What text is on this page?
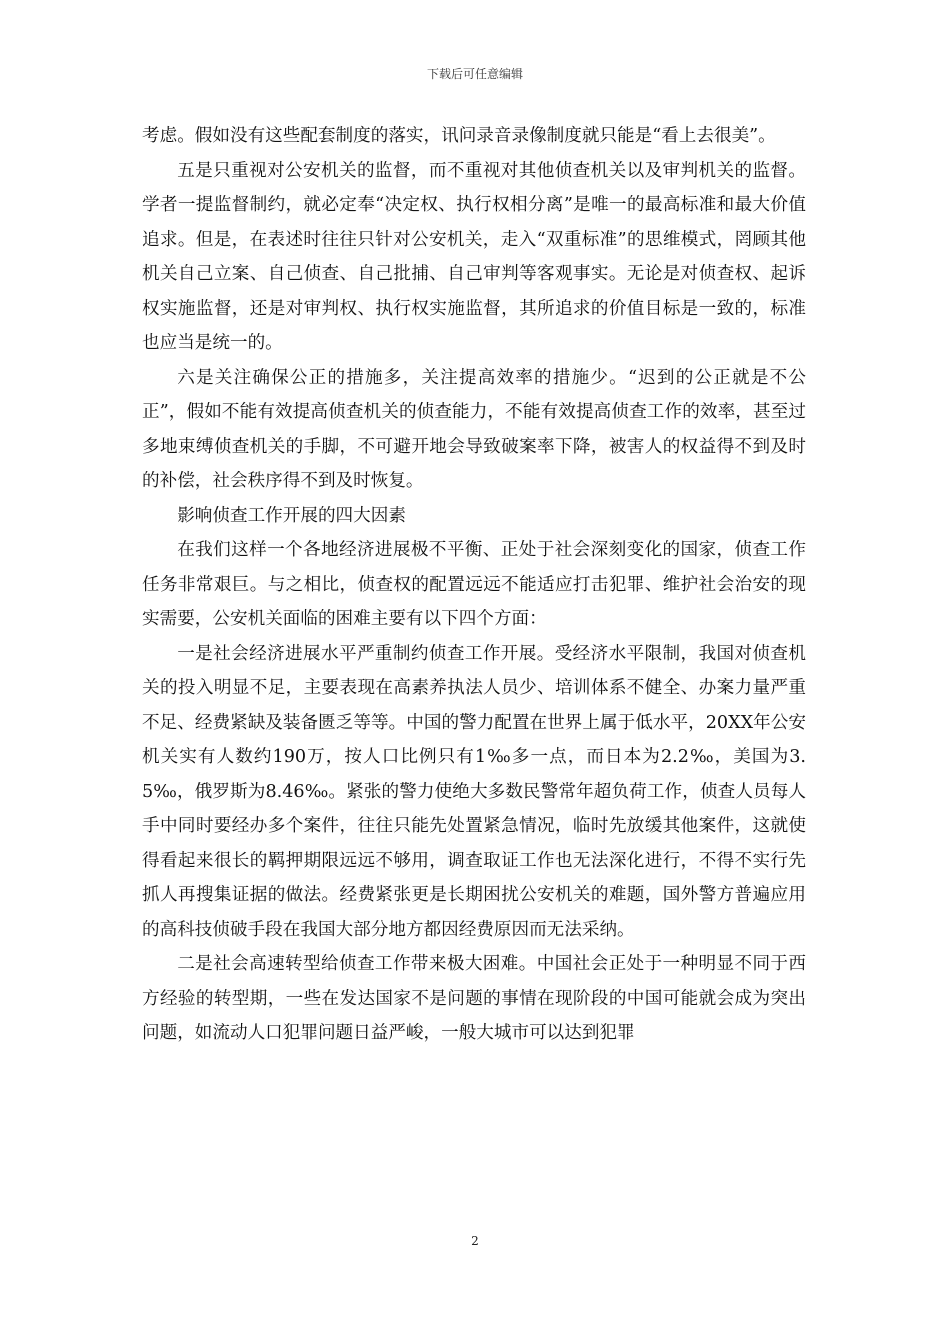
下载后可任意编辑

考虑。假如没有这些配套制度的落实，讯问录音录像制度就只能是“看上去很美”。

五是只重视对公安机关的监督，而不重视对其他侦查机关以及审判机关的监督。学者一提监督制约，就必定奉“决定权、执行权相分离”是唯一的最高标准和最大价值追求。但是，在表述时往往只针对公安机关，走入“双重标准”的思维模式，罔顾其他机关自己立案、自己侦查、自己批捕、自己审判等客观事实。无论是对侦查权、起诉权实施监督，还是对审判权、执行权实施监督，其所追求的价值目标是一致的，标准也应当是统一的。

六是关注确保公正的措施多，关注提高效率的措施少。“迟到的公正就是不公正”，假如不能有效提高侦查机关的侦查能力，不能有效提高侦查工作的效率，甚至过多地束缚侦查机关的手脚，不可避开地会导致破案率下降，被害人的权益得不到及时的补偿，社会秩序得不到及时恢复。

影响侦查工作开展的四大因素

在我们这样一个各地经济进展极不平衡、正处于社会深刻变化的国家，侦查工作任务非常艰巨。与之相比，侦查权的配置远远不能适应打击犯罪、维护社会治安的现实需要，公安机关面临的困难主要有以下四个方面：

一是社会经济进展水平严重制约侦查工作开展。受经济水平限制，我国对侦查机关的投入明显不足，主要表现在高素养执法人员少、培训体系不健全、办案力量严重不足、经费紧缺及装备匮乏等等。中国的警力配置在世界上属于低水平，20XX年公安机关实有人数约190万，按人口比例只有1‰多一点，而日本为2.2‰，美国为3.5‰，俄罗斯为8.46‰。紧张的警力使绝大多数民警常年超负荷工作，侦查人员每人手中同时要经办多个案件，往往只能先处置紧急情况，临时先放缓其他案件，这就使得看起来很长的羁押期限远远不够用，调查取证工作也无法深化进行，不得不实行先抓人再搜集证据的做法。经费紧张更是长期困扰公安机关的难题，国外警方普遍应用的高科技侦破手段在我国大部分地方都因经费原因而无法采纳。

二是社会高速转型给侦查工作带来极大困难。中国社会正处于一种明显不同于西方经验的转型期，一些在发达国家不是问题的事情在现阶段的中国可能就会成为突出问题，如流动人口犯罪问题日益严峻，一般大城市可以达到犯罪

2
